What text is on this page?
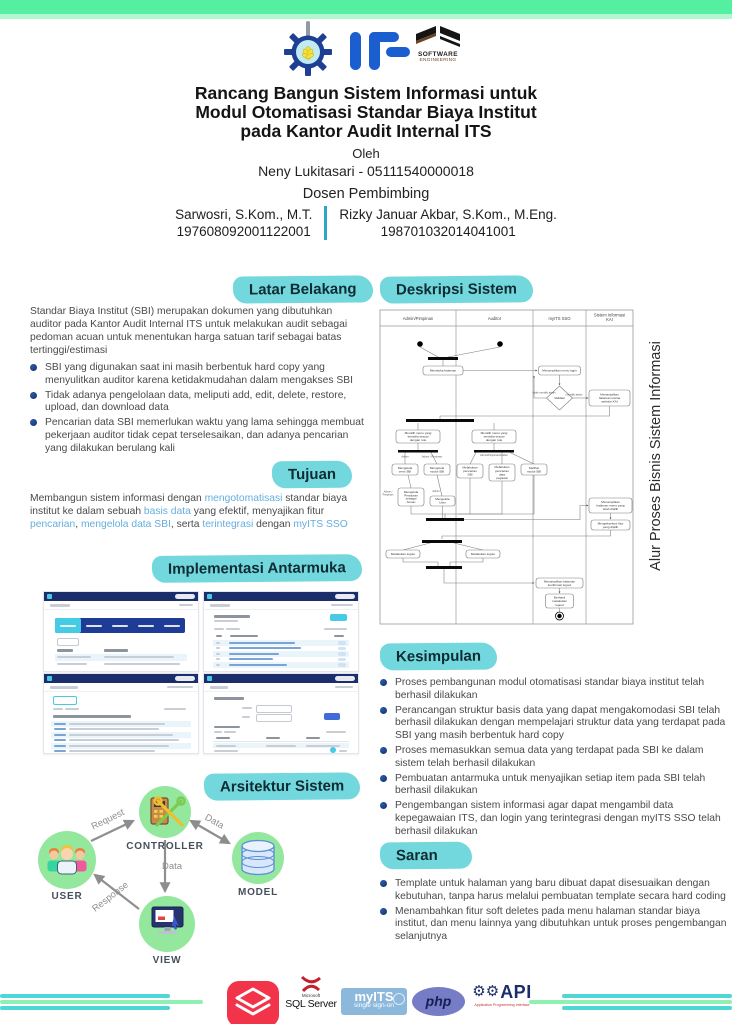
SOFTWARE
ENGINEERING
Rancang Bangun Sistem Informasi untuk
Modul Otomatisasi Standar Biaya Institut
pada Kantor Audit Internal ITS
Oleh
Neny Lukitasari - 05111540000018
Dosen Pembimbing
Sarwosri, S.Kom., M.T.
197608092001122001
Rizky Januar Akbar, S.Kom., M.Eng.
198701032014041001
Latar Belakang
Standar Biaya Institut (SBI) merupakan dokumen yang dibutuhkan auditor pada Kantor Audit Internal ITS untuk melakukan audit sebagai pedoman acuan untuk menentukan harga satuan tarif sebagai batas tertinggi/estimasi
SBI yang digunakan saat ini masih berbentuk hard copy yang menyulitkan auditor karena ketidakmudahan dalam mengakses SBI
Tidak adanya pengelolaan data, meliputi add, edit, delete, restore, upload, dan download data
Pencarian data SBI memerlukan waktu yang lama sehingga membuat pekerjaan auditor tidak cepat terselesaikan, dan adanya pencarian yang dilakukan berulang kali
Tujuan
Membangun sistem informasi dengan mengotomatisasi standar biaya institut ke dalam sebuah basis data yang efektif, menyajikan fitur pencarian, mengelola data SBI, serta terintegrasi dengan myITS SSO
Implementasi Antarmuka
Request	Data
Data
Response
CONTROLLER
USER	MODEL
VIEW
Arsitektur Sistem
Deskripsi Sistem
Admin/Pimpinan	Auditor	myITS SSO
Sistem Informasi KAI
Membuka halaman	Menampilkan menu login
Validasi
tidak memiliki akses
memiliki akses	Menampilkan halaman utama website KAI
Memilih menu yang tersedia sesuai dengan role
Memilih menu yang tersedia sesuai dengan role
Admin	Admin / Pimpinan	Admin/Pimpinan/Auditor
Mengelola versi SBI
Mengelola modul SBI
Melakukan pencarian SBI
Melakukan pencarian data pegawai
Melihat modul SBI
Admin / Pimpinan
Mengelola Peraturan sebagai Acuan
Admin
Mengelola User	Menampilkan halaman menu yang telah dipilih
Mengeksekusi fitur yang dipilih
Melakukan logout	Melakukan logout
Menampilkan halaman konfirmasi logout
Berhasil melakukan logout
Alur Proses Bisnis Sistem Informasi
Kesimpulan
Proses pembangunan modul otomatisasi standar biaya institut telah berhasil dilakukan
Perancangan struktur basis data yang dapat mengakomodasi SBI telah berhasil dilakukan dengan mempelajari struktur data yang terdapat pada SBI yang masih berbentuk hard copy
Proses memasukkan semua data yang terdapat pada SBI ke dalam sistem telah berhasil dilakukan
Pembuatan antarmuka untuk menyajikan setiap item pada SBI telah berhasil dilakukan
Pengembangan sistem informasi agar dapat mengambil data kepegawaian ITS, dan login yang terintegrasi dengan myITS SSO telah berhasil dilakukan
Saran
Template untuk halaman yang baru dibuat dapat disesuaikan dengan kebutuhan, tanpa harus melalui pembuatan template secara hard coding
Menambahkan fitur soft deletes pada menu halaman standar biaya institut, dan menu lainnya yang dibutuhkan untuk proses pengembangan selanjutnya
Microsoft
SQL Server	myITS
single sign-on	php
⚙⚙ API
Application Programming Interface
